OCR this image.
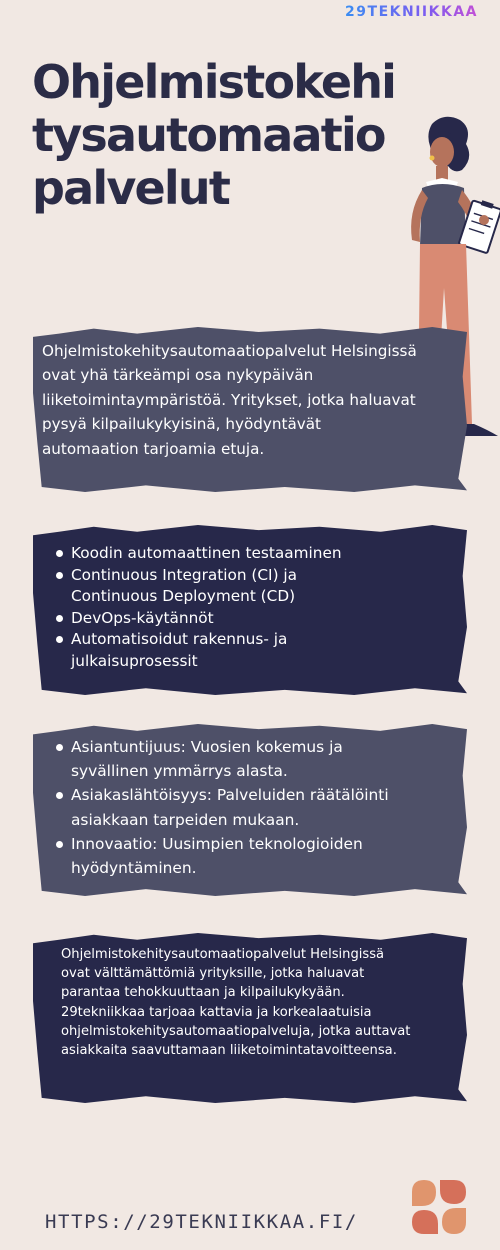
29TEKNIIKKAA
Ohjelmistokehi
tysautomaatio
palvelut

Ohjelmistokehitysautomaatiopalvelut Helsingissä ovat yhä tärkeämpi osa nykypäivän liiketoimintaympäristöä. Yritykset, jotka haluavat pysyä kilpailukykyisinä, hyödyntävät automaation tarjoamia etuja.

Koodin automaattinen testaaminen
Continuous Integration (CI) ja Continuous Deployment (CD)
DevOps-käytännöt
Automatisoidut rakennus- ja julkaisuprosessit
Asiantuntijuus: Vuosien kokemus ja syvällinen ymmärrys alasta.
Asiakaslähtöisyys: Palveluiden räätälöinti asiakkaan tarpeiden mukaan.
Innovaatio: Uusimpien teknologioiden hyödyntäminen.

Ohjelmistokehitysautomaatiopalvelut Helsingissä ovat välttämättömiä yrityksille, jotka haluavat parantaa tehokkuuttaan ja kilpailukykyään. 29tekniikkaa tarjoaa kattavia ja korkealaatuisia ohjelmistokehitysautomaatiopalveluja, jotka auttavat asiakkaita saavuttamaan liiketoimintatavoitteensa.

HTTPS://29TEKNIIKKAA.FI/
